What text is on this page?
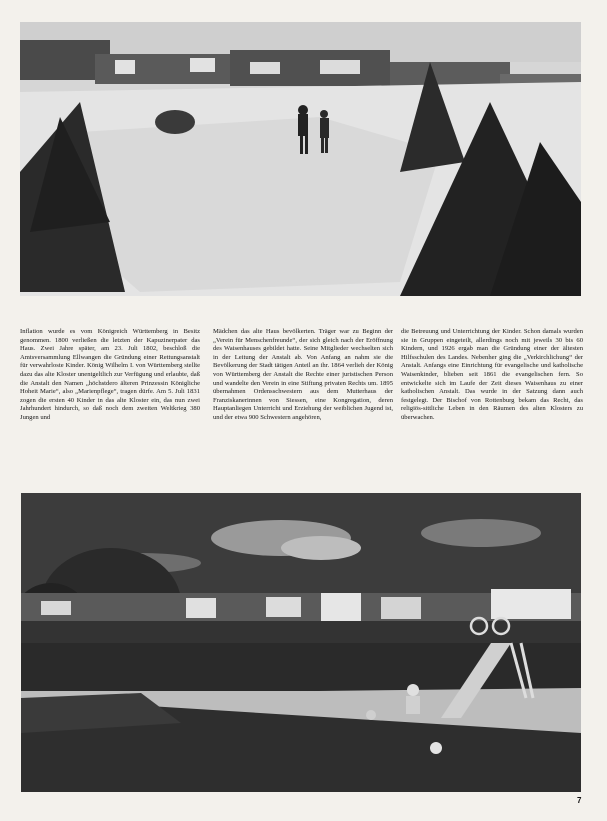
Inflation wurde es vom Königreich Württemberg in Besitz genommen. 1800 verließen die letzten der Kapuzinerpater das Haus. Zwei Jahre später, am 23. Juli 1802, beschloß die Amtsversammlung Ellwangen die Gründung einer Rettungsanstalt für verwahrloste Kinder. König Wilhelm I. von Württemberg stellte dazu das alte Kloster unentgeltlich zur Verfügung und erlaubte, daß die Anstalt den Namen „höchstdero älteren Prinzessin Königliche Hoheit Marie“, also „Marienpflege“, tragen dürfe. Am 5. Juli 1831 zogen die ersten 40 Kinder in das alte Kloster ein, das nun zwei Jahrhundert hindurch, so daß noch dem zweiten Weltkrieg 380 Jungen und
Mädchen das alte Haus bevölkerten. Träger war zu Beginn der „Verein für Menschenfreunde“, der sich gleich nach der Eröffnung des Waisenhauses gebildet hatte. Seine Mitglieder wechselten sich in der Leitung der Anstalt ab. Von Anfang an nahm sie die Bevölkerung der Stadt tätigen Anteil an ihr. 1864 verlieh der König von Württemberg der Anstalt die Rechte einer juristischen Person und wandelte den Verein in eine Stiftung privaten Rechts um. 1895 übernahmen Ordensschwestern aus dem Mutterhaus der Franziskanerinnen von Siessen, eine Kongregation, deren Hauptanliegen Unterricht und Erziehung der weiblichen Jugend ist, und der etwa 900 Schwestern angehören,
die Betreuung und Unterrichtung der Kinder. Schon damals wurden sie in Gruppen eingeteilt, allerdings noch mit jeweils 30 bis 60 Kindern, und 1926 ergab man die Gründung einer der ältesten Hilfsschulen des Landes. Nebenher ging die „Verkirchlichung“ der Anstalt. Anfangs eine Einrichtung für evangelische und katholische Waisenkinder, blieben seit 1861 die evangelischen fern. So entwickelte sich im Laufe der Zeit dieses Waisenhaus zu einer katholischen Anstalt. Das wurde in der Satzung dann auch festgelegt. Der Bischof von Rottenburg bekam das Recht, das religiös-sittliche Leben in den Räumen des alten Klosters zu überwachen.
7
